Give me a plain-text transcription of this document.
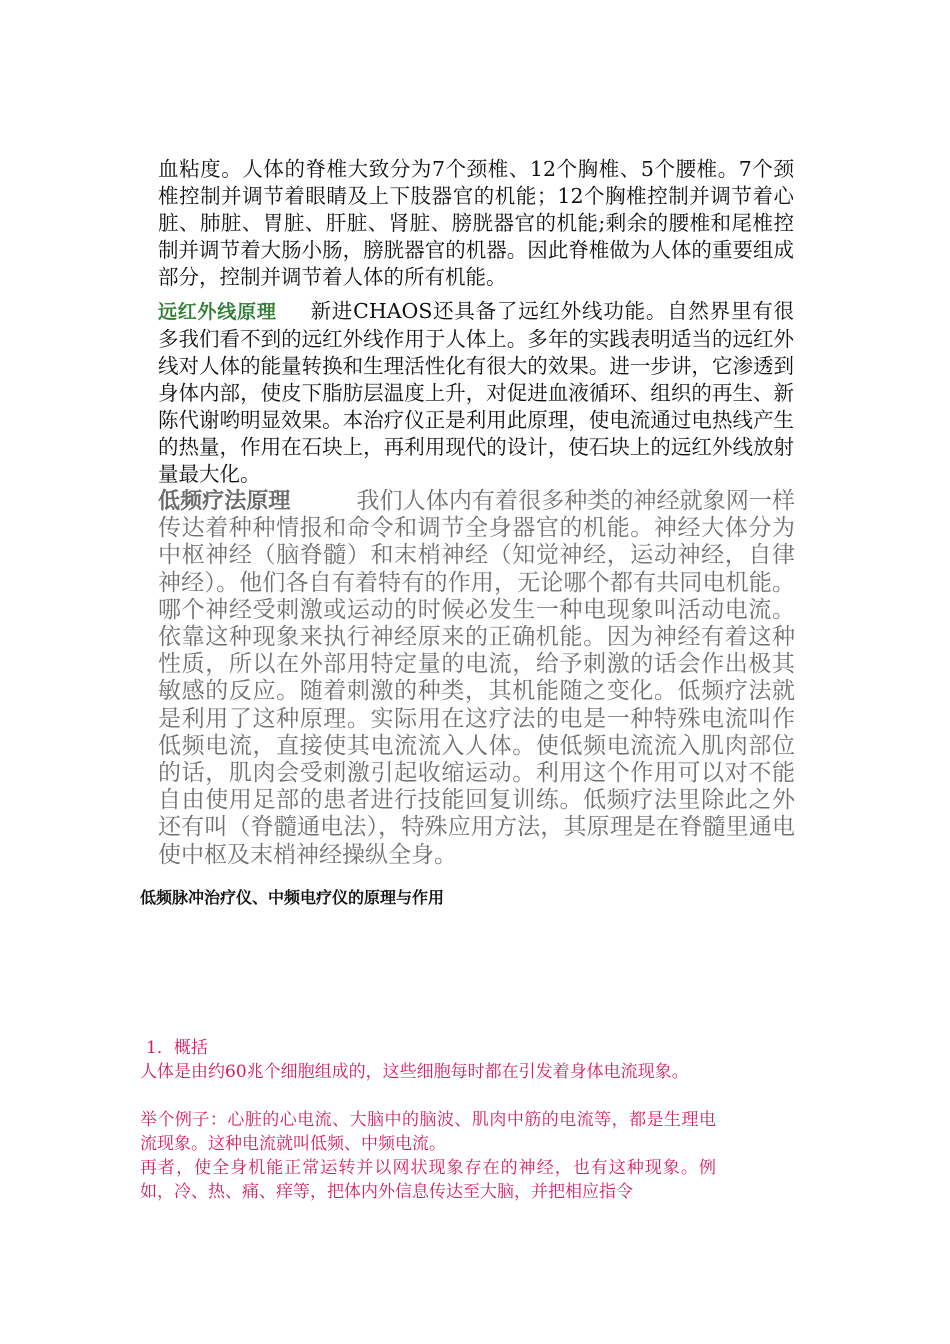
血粘度。人体的脊椎大致分为7个颈椎、12个胸椎、5个腰椎。7个颈椎控制并调节着眼睛及上下肢器官的机能；12个胸椎控制并调节着心脏、肺脏、胃脏、肝脏、肾脏、膀胱器官的机能;剩余的腰椎和尾椎控制并调节着大肠小肠，膀胱器官的机器。因此脊椎做为人体的重要组成部分，控制并调节着人体的所有机能。

远红外线原理 新进CHAOS还具备了远红外线功能。自然界里有很多我们看不到的远红外线作用于人体上。多年的实践表明适当的远红外线对人体的能量转换和生理活性化有很大的效果。进一步讲，它渗透到身体内部，使皮下脂肪层温度上升，对促进血液循环、组织的再生、新陈代谢哟明显效果。本治疗仪正是利用此原理，使电流通过电热线产生的热量，作用在石块上，再利用现代的设计，使石块上的远红外线放射量最大化。

低频疗法原理	我们人体内有着很多种类的神经就象网一样传达着种种情报和命令和调节全身器官的机能。神经大体分为中枢神经（脑脊髓）和末梢神经（知觉神经，运动神经，自律神经）。他们各自有着特有的作用，无论哪个都有共同电机能。哪个神经受刺激或运动的时候必发生一种电现象叫活动电流。依靠这种现象来执行神经原来的正确机能。因为神经有着这种性质，所以在外部用特定量的电流，给予刺激的话会作出极其敏感的反应。随着刺激的种类，其机能随之变化。低频疗法就是利用了这种原理。实际用在这疗法的电是一种特殊电流叫作低频电流，直接使其电流流入人体。使低频电流流入肌肉部位的话，肌肉会受刺激引起收缩运动。利用这个作用可以对不能自由使用足部的患者进行技能回复训练。低频疗法里除此之外还有叫（脊髓通电法），特殊应用方法，其原理是在脊髓里通电使中枢及末梢神经操纵全身。

低频脉冲治疗仪、中频电疗仪的原理与作用

1．概括

人体是由约60兆个细胞组成的，这些细胞每时都在引发着身体电流现象。

举个例子：心脏的心电流、大脑中的脑波、肌肉中筋的电流等，都是生理电流现象。这种电流就叫低频、中频电流。

再者，使全身机能正常运转并以网状现象存在的神经，也有这种现象。例如，冷、热、痛、痒等，把体内外信息传达至大脑，并把相应指令
